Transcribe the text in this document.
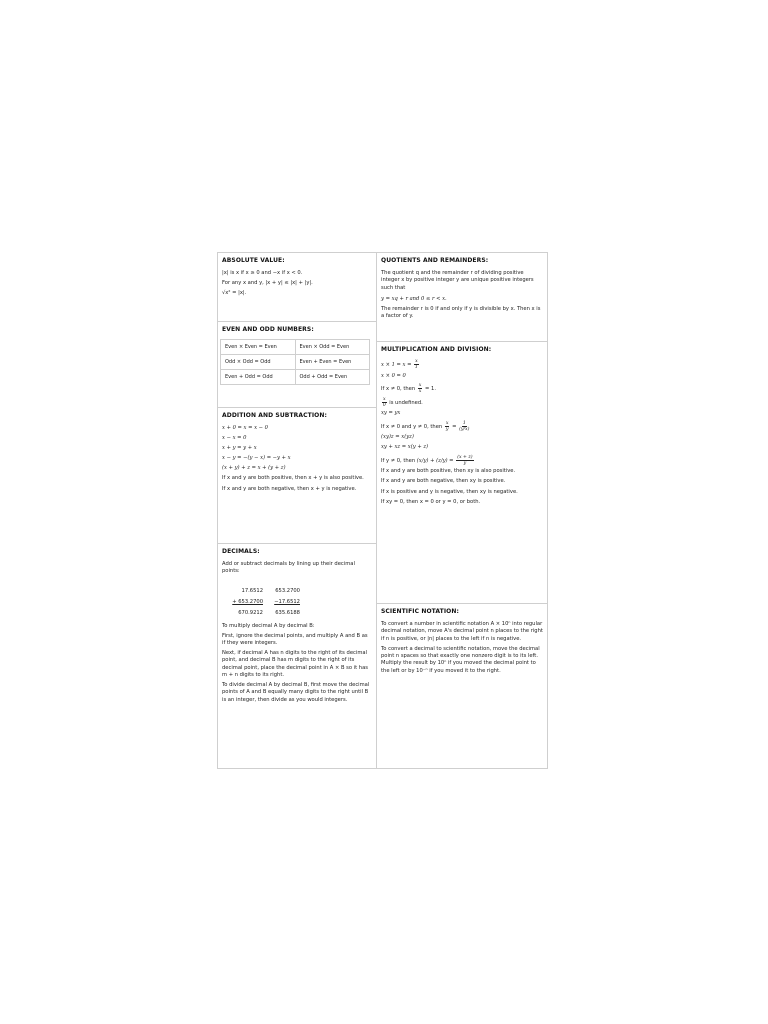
ABSOLUTE VALUE:
|x| is x if x ≥ 0 and −x if x < 0.
For any x and y, |x + y| ≤ |x| + |y|.
√x² = |x|.
EVEN AND ODD NUMBERS:
Even × Even = Even	Even × Odd = Even
Odd × Odd = Odd	Even + Even = Even
Even + Odd = Odd	Odd + Odd = Even
ADDITION AND SUBTRACTION:
x + 0 = x = x − 0
x − x = 0
x + y = y + x
x − y = −(y − x) = −y + x
(x + y) + z = x + (y + z)
If x and y are both positive, then x + y is also positive.
If x and y are both negative, then x + y is negative.
DECIMALS:
Add or subtract decimals by lining up their decimal points:
17.6512	653.2700
+ 653.2700	−17.6512
670.9212	635.6188
To multiply decimal A by decimal B:
First, ignore the decimal points, and multiply A and B as if they were integers.
Next, if decimal A has n digits to the right of its decimal point, and decimal B has m digits to the right of its decimal point, place the decimal point in A × B so it has m + n digits to its right.
To divide decimal A by decimal B, first move the decimal points of A and B equally many digits to the right until B is an integer, then divide as you would integers.
QUOTIENTS AND REMAINDERS:
The quotient q and the remainder r of dividing positive integer x by positive integer y are unique positive integers such that
y = xq + r and 0 ≤ r < x.
The remainder r is 0 if and only if y is divisible by x. Then x is a factor of y.
MULTIPLICATION AND DIVISION:
$x \times 1 = x = \frac{x}{1}$
x × 0 = 0
If x ≠ 0, then $\frac{x}{x} = 1$.
$\frac{x}{0}$ is undefined.
xy = yx
If x ≠ 0 and y ≠ 0, then $\frac{x}{y} = \frac{1}{(y/x)}$
(xy)z = x(yz)
xy + xz = x(y + z)
If y ≠ 0, then $(x/y) + (z/y) = \frac{(x + z)}{y}$
If x and y are both positive, then xy is also positive.
If x and y are both negative, then xy is positive.
If x is positive and y is negative, then xy is negative.
If xy = 0, then x = 0 or y = 0, or both.
SCIENTIFIC NOTATION:
To convert a number in scientific notation A × 10ⁿ into regular decimal notation, move A's decimal point n places to the right if n is positive, or |n| places to the left if n is negative.
To convert a decimal to scientific notation, move the decimal point n spaces so that exactly one nonzero digit is to its left. Multiply the result by 10ⁿ if you moved the decimal point to the left or by 10⁻ⁿ if you moved it to the right.
